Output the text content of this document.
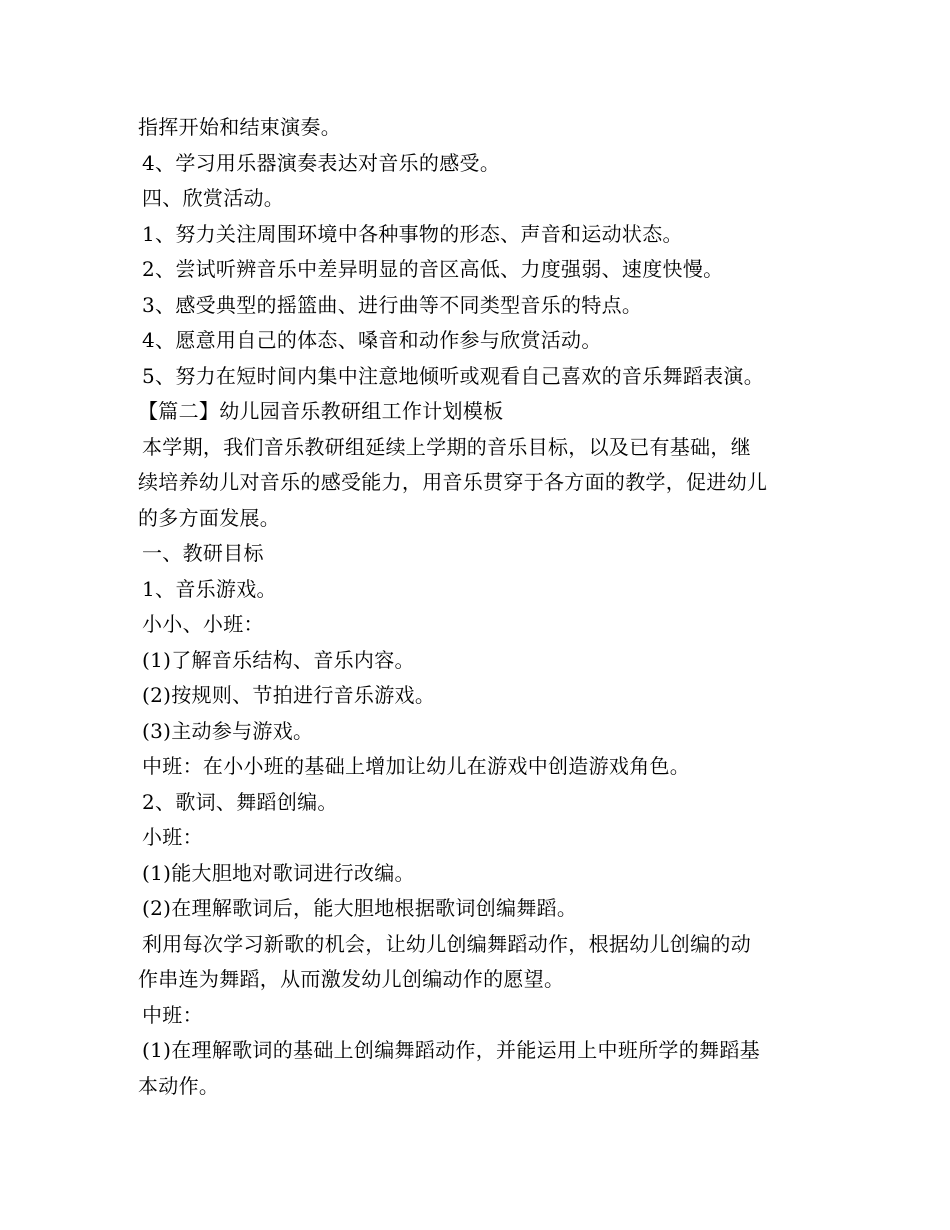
指挥开始和结束演奏。
4、学习用乐器演奏表达对音乐的感受。
四、欣赏活动。
1、努力关注周围环境中各种事物的形态、声音和运动状态。
2、尝试听辨音乐中差异明显的音区高低、力度强弱、速度快慢。
3、感受典型的摇篮曲、进行曲等不同类型音乐的特点。
4、愿意用自己的体态、嗓音和动作参与欣赏活动。
5、努力在短时间内集中注意地倾听或观看自己喜欢的音乐舞蹈表演。
【篇二】幼儿园音乐教研组工作计划模板
本学期，我们音乐教研组延续上学期的音乐目标，以及已有基础，继
续培养幼儿对音乐的感受能力，用音乐贯穿于各方面的教学，促进幼儿
的多方面发展。
一、教研目标
1、音乐游戏。
小小、小班：
(1)了解音乐结构、音乐内容。
(2)按规则、节拍进行音乐游戏。
(3)主动参与游戏。
中班：在小小班的基础上增加让幼儿在游戏中创造游戏角色。
2、歌词、舞蹈创编。
小班：
(1)能大胆地对歌词进行改编。
(2)在理解歌词后，能大胆地根据歌词创编舞蹈。
利用每次学习新歌的机会，让幼儿创编舞蹈动作，根据幼儿创编的动
作串连为舞蹈，从而激发幼儿创编动作的愿望。
中班：
(1)在理解歌词的基础上创编舞蹈动作，并能运用上中班所学的舞蹈基
本动作。
